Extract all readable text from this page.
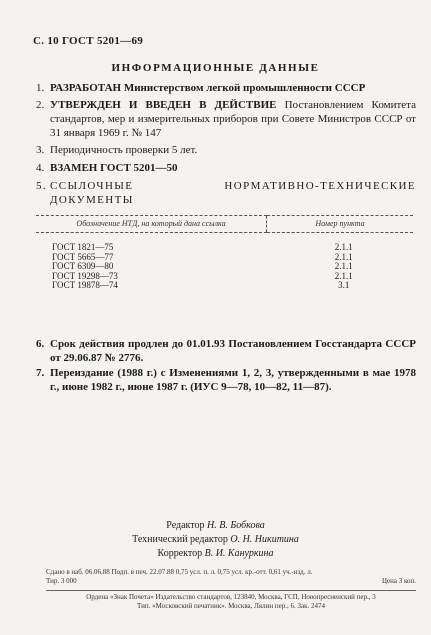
С. 10 ГОСТ 5201—69
ИНФОРМАЦИОННЫЕ ДАННЫЕ
1. РАЗРАБОТАН Министерством легкой промышленности СССР
2. УТВЕРЖДЕН И ВВЕДЕН В ДЕЙСТВИЕ Постановлением Комитета стандартов, мер и измерительных приборов при Совете Министров СССР от 31 января 1969 г. № 147
3. Периодичность проверки 5 лет.
4. ВЗАМЕН ГОСТ 5201—50
5. ССЫЛОЧНЫЕ НОРМАТИВНО-ТЕХНИЧЕСКИЕ ДОКУМЕНТЫ
Обозначение НТД, на который дана ссылка	Номер пункта
ГОСТ 1821—75	2.1.1
ГОСТ 5665—77	2.1.1
ГОСТ 6309—80	2.1.1
ГОСТ 19298—73	2.1.1
ГОСТ 19878—74	3.1
6. Срок действия продлен до 01.01.93 Постановлением Госстандарта СССР от 29.06.87 № 2776.
7. Переиздание (1988 г.) с Изменениями 1, 2, 3, утвержденными в мае 1978 г., июне 1982 г., июне 1987 г. (ИУС 9—78, 10—82, 11—87).
Редактор Н. В. Бобкова
Технический редактор О. Н. Никитина
Корректор В. И. Кануркина
Сдано в наб. 06.06.88 Подп. в печ. 22.07.88 0,75 усл. п. л. 0,75 усл. кр.-отт. 0,61 уч.-изд. л.
Тир. 3 000	Цена 3 коп.
Ордена «Знак Почета» Издательство стандартов, 123840, Москва, ГСП, Новопресненский пер., 3
Тип. «Московский печатник». Москва, Лялин пер., 6. Зак. 2474
